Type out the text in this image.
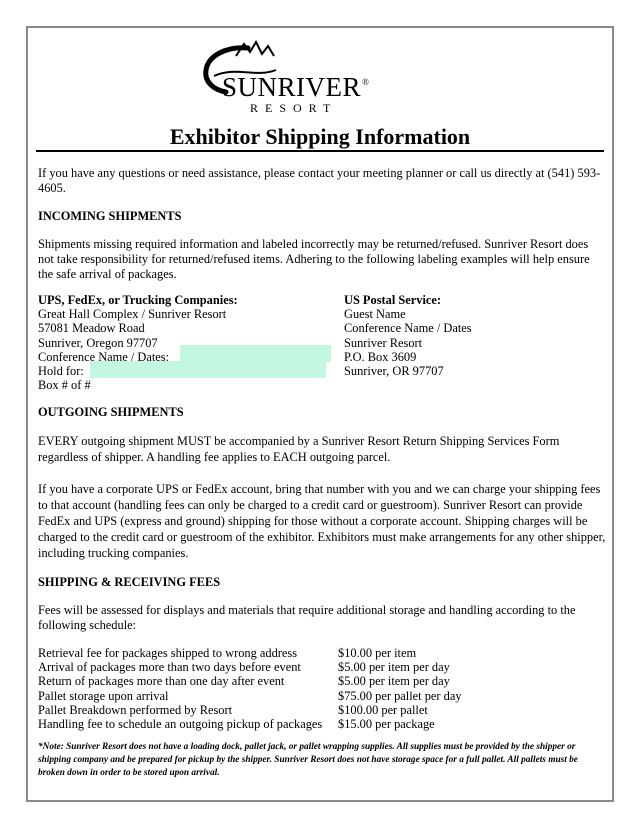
SUNRIVER ®
RESORT
Exhibitor Shipping Information
If you have any questions or need assistance, please contact your meeting planner or call us directly at (541) 593-4605.
INCOMING SHIPMENTS
Shipments missing required information and labeled incorrectly may be returned/refused. Sunriver Resort does not take responsibility for returned/refused items. Adhering to the following labeling examples will help ensure the safe arrival of packages.
UPS, FedEx, or Trucking Companies:
Great Hall Complex / Sunriver Resort
57081 Meadow Road
Sunriver, Oregon 97707
Conference Name / Dates:
Hold for:
Box # of #
US Postal Service:
Guest Name
Conference Name / Dates
Sunriver Resort
P.O. Box 3609
Sunriver, OR 97707
OUTGOING SHIPMENTS
EVERY outgoing shipment MUST be accompanied by a Sunriver Resort Return Shipping Services Form regardless of shipper. A handling fee applies to EACH outgoing parcel.
If you have a corporate UPS or FedEx account, bring that number with you and we can charge your shipping fees to that account (handling fees can only be charged to a credit card or guestroom). Sunriver Resort can provide FedEx and UPS (express and ground) shipping for those without a corporate account. Shipping charges will be charged to the credit card or guestroom of the exhibitor. Exhibitors must make arrangements for any other shipper, including trucking companies.
SHIPPING & RECEIVING FEES
Fees will be assessed for displays and materials that require additional storage and handling according to the following schedule:
Retrieval fee for packages shipped to wrong address	$10.00 per item
Arrival of packages more than two days before event	$5.00 per item per day
Return of packages more than one day after event	$5.00 per item per day
Pallet storage upon arrival	$75.00 per pallet per day
Pallet Breakdown performed by Resort	$100.00 per pallet
Handling fee to schedule an outgoing pickup of packages	$15.00 per package
*Note: Sunriver Resort does not have a loading dock, pallet jack, or pallet wrapping supplies. All supplies must be provided by the shipper or shipping company and be prepared for pickup by the shipper. Sunriver Resort does not have storage space for a full pallet. All pallets must be broken down in order to be stored upon arrival.
